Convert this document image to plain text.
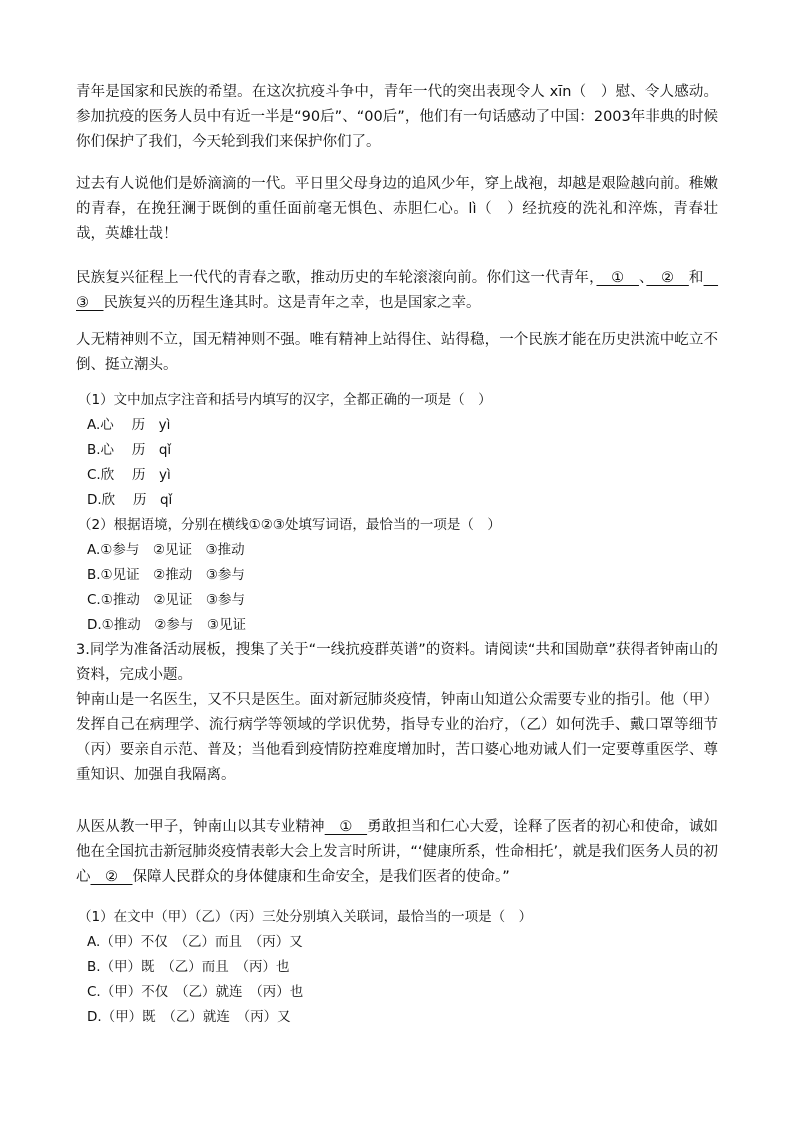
青年是国家和民族的希望。在这次抗疫斗争中，青年一代的突出表现令人 xīn（　）慰、令人感动。参加抗疫的医务人员中有近一半是“90后”、“00后”，他们有一句话感动了中国：2003年非典的时候你们保护了我们，今天轮到我们来保护你们了。
过去有人说他们是娇滴滴的一代。平日里父母身边的追风少年，穿上战袍，却越是艰险越向前。稚嫩的青春，在挽狂澜于既倒的重任面前毫无惧色、赤胆仁心。lì（　）经抗疫的洗礼和淬炼，青春壮哉，英雄壮哉！
民族复兴征程上一代代的青春之歌，推动历史的车轮滚滚向前。你们这一代青年，　①　、　②　和　③　民族复兴的历程生逢其时。这是青年之幸，也是国家之幸。
人无精神则不立，国无精神则不强。唯有精神上站得住、站得稳，一个民族才能在历史洪流中屹立不倒、挺立潮头。
（1）文中加点字注音和括号内填写的汉字，全都正确的一项是（　）
A.心　 历　yì
B.心　 历　qǐ
C.欣　 历　yì
D.欣　 历　qǐ
（2）根据语境，分别在横线①②③处填写词语，最恰当的一项是（　）
A.①参与　②见证　③推动
B.①见证　②推动　③参与
C.①推动　②见证　③参与
D.①推动　②参与　③见证
3.同学为准备活动展板，搜集了关于“一线抗疫群英谱”的资料。请阅读“共和国勋章”获得者钟南山的资料，完成小题。
钟南山是一名医生，又不只是医生。面对新冠肺炎疫情，钟南山知道公众需要专业的指引。他（甲）发挥自己在病理学、流行病学等领域的学识优势，指导专业的治疗，（乙）如何洗手、戴口罩等细节（丙）要亲自示范、普及；当他看到疫情防控难度增加时，苦口婆心地劝诫人们一定要尊重医学、尊重知识、加强自我隔离。
从医从教一甲子，钟南山以其专业精神　①　勇敢担当和仁心大爱，诠释了医者的初心和使命，诚如他在全国抗击新冠肺炎疫情表彰大会上发言时所讲，“‘健康所系，性命相托’，就是我们医务人员的初心　②　保障人民群众的身体健康和生命安全，是我们医者的使命。”
（1）在文中（甲）（乙）（丙）三处分别填入关联词，最恰当的一项是（　）
A.（甲）不仅　（乙）而且　（丙）又
B.（甲）既　（乙）而且　（丙）也
C.（甲）不仅　（乙）就连　（丙）也
D.（甲）既　（乙）就连　（丙）又
